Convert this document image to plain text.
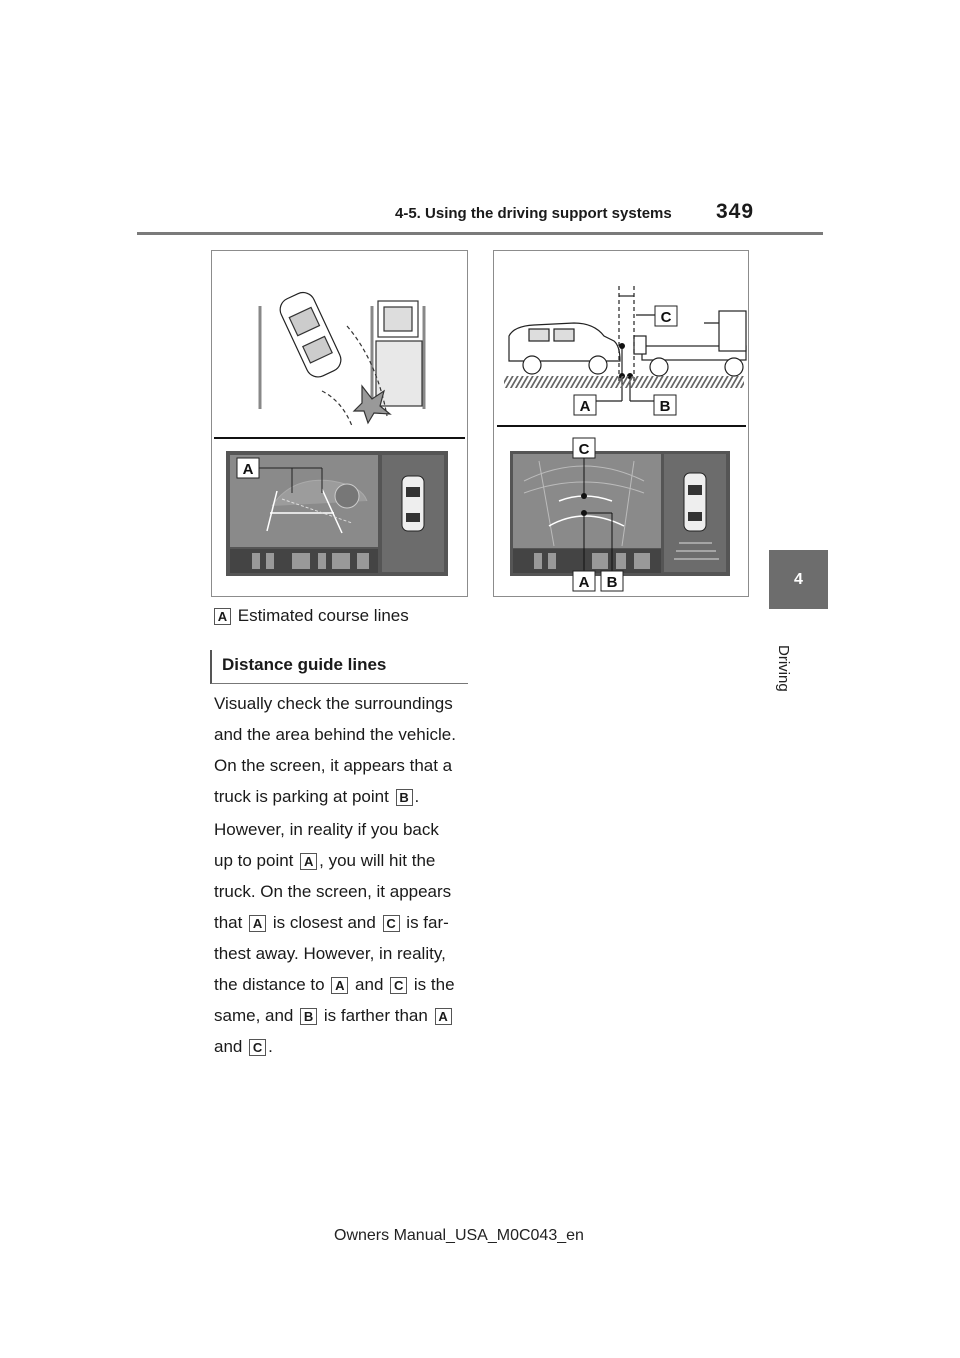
4-5. Using the driving support systems 349
4
Driving
A
C
A	B
C
A B
A Estimated course lines
Distance guide lines

Visually check the surroundings
and the area behind the vehicle.
On the screen, it appears that a
truck is parking at point B .

However, in reality if you back
up to point A , you will hit the
truck. On the screen, it appears
that A is closest and C is far-
thest away. However, in reality,
the distance to A and C is the
same, and B is farther than A
and C .

Owners Manual_USA_M0C043_en
